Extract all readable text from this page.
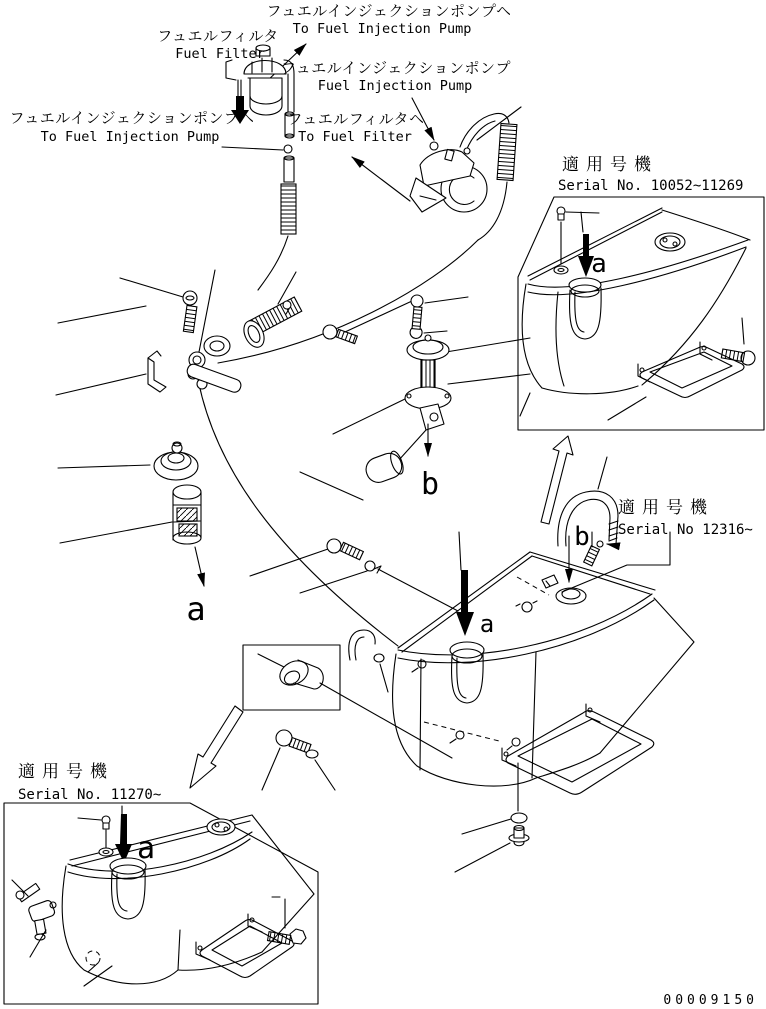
フュエルインジェクションポンプヘ
To Fuel Injection Pump
フュエルフィルタ
Fuel Filter
フュエルインジェクションポンプ
Fuel Injection Pump
フュエルインジェクションポンプヘ
To Fuel Injection Pump
フュエルフィルタヘ
To Fuel Filter
適用号機
Serial No. 10052~11269
適用号機
Serial No 12316~
適用号機
Serial No. 11270~
a	a
a
a
b
b
00009150
